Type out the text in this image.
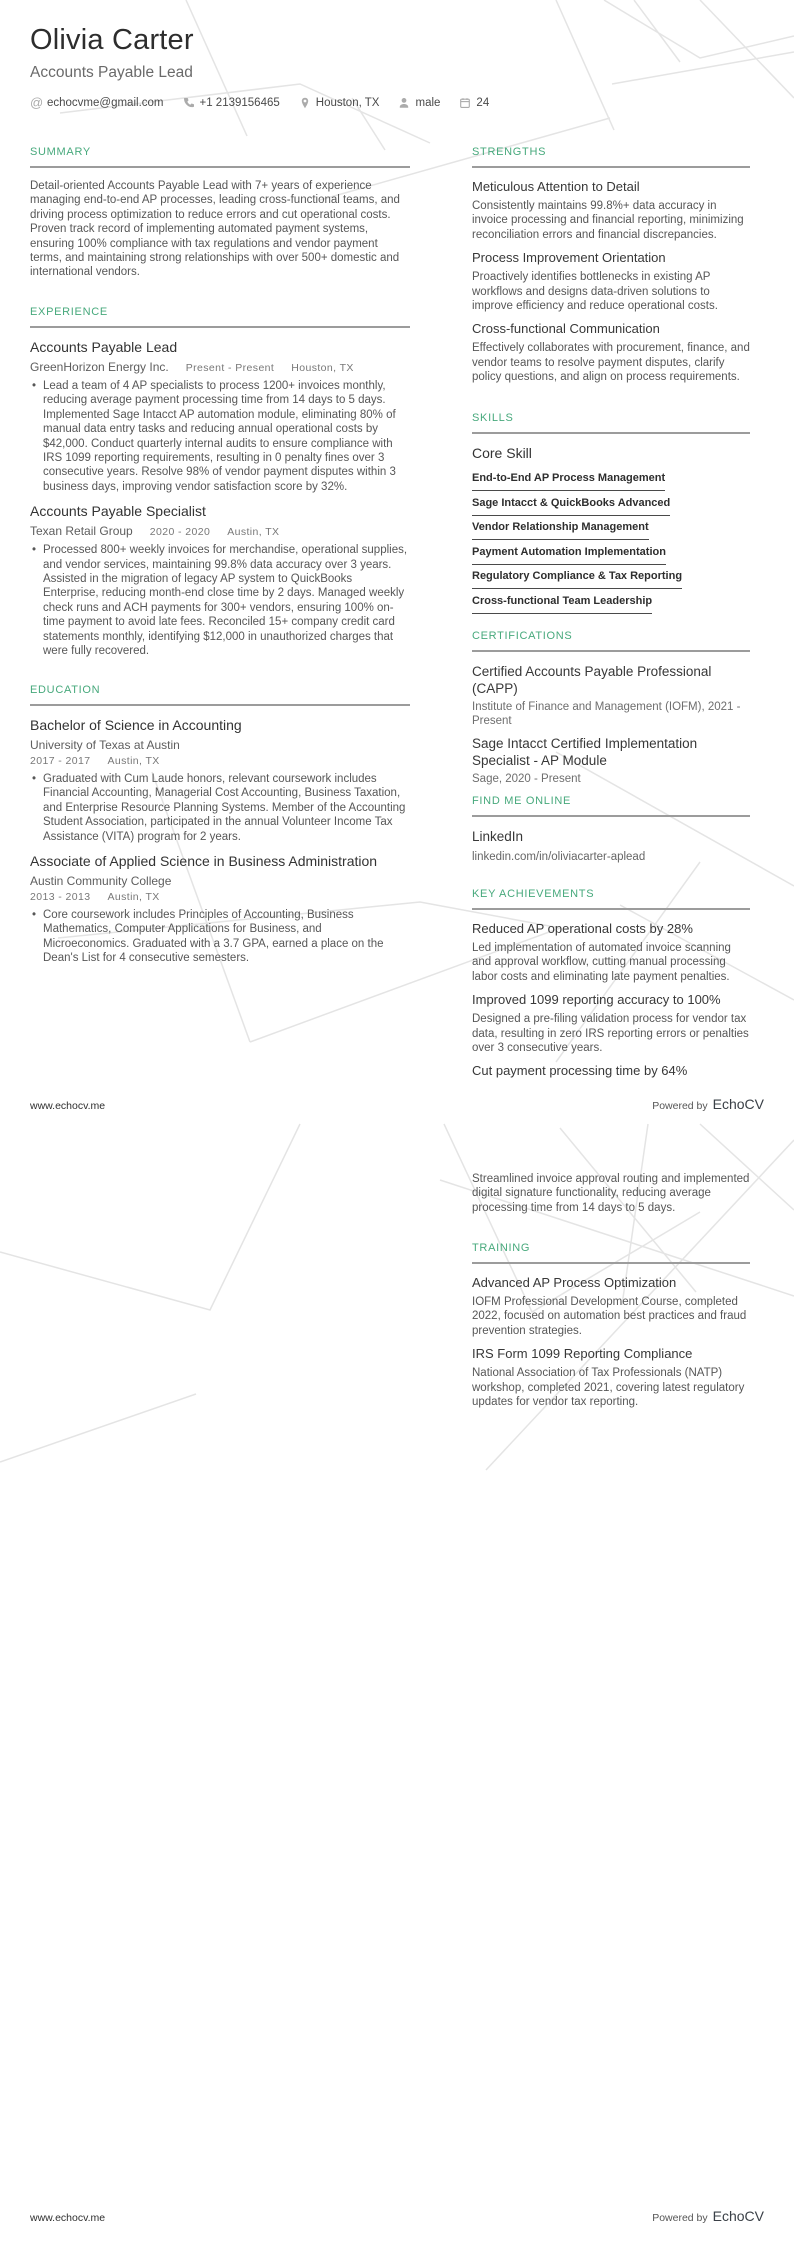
Olivia Carter
Accounts Payable Lead
@ echocvme@gmail.com	+1 2139156465	Houston, TX	male	24
SUMMARY
Detail-oriented Accounts Payable Lead with 7+ years of experience managing end-to-end AP processes, leading cross-functional teams, and driving process optimization to reduce errors and cut operational costs. Proven track record of implementing automated payment systems, ensuring 100% compliance with tax regulations and vendor payment terms, and maintaining strong relationships with over 500+ domestic and international vendors.
EXPERIENCE
Accounts Payable Lead
GreenHorizon Energy Inc. Present - Present Houston, TX
• Lead a team of 4 AP specialists to process 1200+ invoices monthly, reducing average payment processing time from 14 days to 5 days. Implemented Sage Intacct AP automation module, eliminating 80% of manual data entry tasks and reducing annual operational costs by $42,000. Conduct quarterly internal audits to ensure compliance with IRS 1099 reporting requirements, resulting in 0 penalty fines over 3 consecutive years. Resolve 98% of vendor payment disputes within 3 business days, improving vendor satisfaction score by 32%.
Accounts Payable Specialist
Texan Retail Group 2020 - 2020 Austin, TX
• Processed 800+ weekly invoices for merchandise, operational supplies, and vendor services, maintaining 99.8% data accuracy over 3 years. Assisted in the migration of legacy AP system to QuickBooks Enterprise, reducing month-end close time by 2 days. Managed weekly check runs and ACH payments for 300+ vendors, ensuring 100% on-time payment to avoid late fees. Reconciled 15+ company credit card statements monthly, identifying $12,000 in unauthorized charges that were fully recovered.
EDUCATION
Bachelor of Science in Accounting
University of Texas at Austin
2017 - 2017 Austin, TX
• Graduated with Cum Laude honors, relevant coursework includes Financial Accounting, Managerial Cost Accounting, Business Taxation, and Enterprise Resource Planning Systems. Member of the Accounting Student Association, participated in the annual Volunteer Income Tax Assistance (VITA) program for 2 years.
Associate of Applied Science in Business Administration
Austin Community College
2013 - 2013 Austin, TX
• Core coursework includes Principles of Accounting, Business Mathematics, Computer Applications for Business, and Microeconomics. Graduated with a 3.7 GPA, earned a place on the Dean's List for 4 consecutive semesters.
STRENGTHS
Meticulous Attention to Detail
Consistently maintains 99.8%+ data accuracy in invoice processing and financial reporting, minimizing reconciliation errors and financial discrepancies.
Process Improvement Orientation
Proactively identifies bottlenecks in existing AP workflows and designs data-driven solutions to improve efficiency and reduce operational costs.
Cross-functional Communication
Effectively collaborates with procurement, finance, and vendor teams to resolve payment disputes, clarify policy questions, and align on process requirements.
SKILLS
Core Skill
End-to-End AP Process Management
Sage Intacct & QuickBooks Advanced
Vendor Relationship Management
Payment Automation Implementation
Regulatory Compliance & Tax Reporting
Cross-functional Team Leadership
CERTIFICATIONS
Certified Accounts Payable Professional (CAPP)
Institute of Finance and Management (IOFM), 2021 - Present
Sage Intacct Certified Implementation Specialist - AP Module
Sage, 2020 - Present
FIND ME ONLINE
LinkedIn
linkedin.com/in/oliviacarter-aplead
KEY ACHIEVEMENTS
Reduced AP operational costs by 28%
Led implementation of automated invoice scanning and approval workflow, cutting manual processing labor costs and eliminating late payment penalties.
Improved 1099 reporting accuracy to 100%
Designed a pre-filing validation process for vendor tax data, resulting in zero IRS reporting errors or penalties over 3 consecutive years.
Cut payment processing time by 64%
www.echocv.me	Powered by EchoCV
Streamlined invoice approval routing and implemented digital signature functionality, reducing average processing time from 14 days to 5 days.
TRAINING
Advanced AP Process Optimization
IOFM Professional Development Course, completed 2022, focused on automation best practices and fraud prevention strategies.
IRS Form 1099 Reporting Compliance
National Association of Tax Professionals (NATP) workshop, completed 2021, covering latest regulatory updates for vendor tax reporting.
www.echocv.me	Powered by EchoCV
